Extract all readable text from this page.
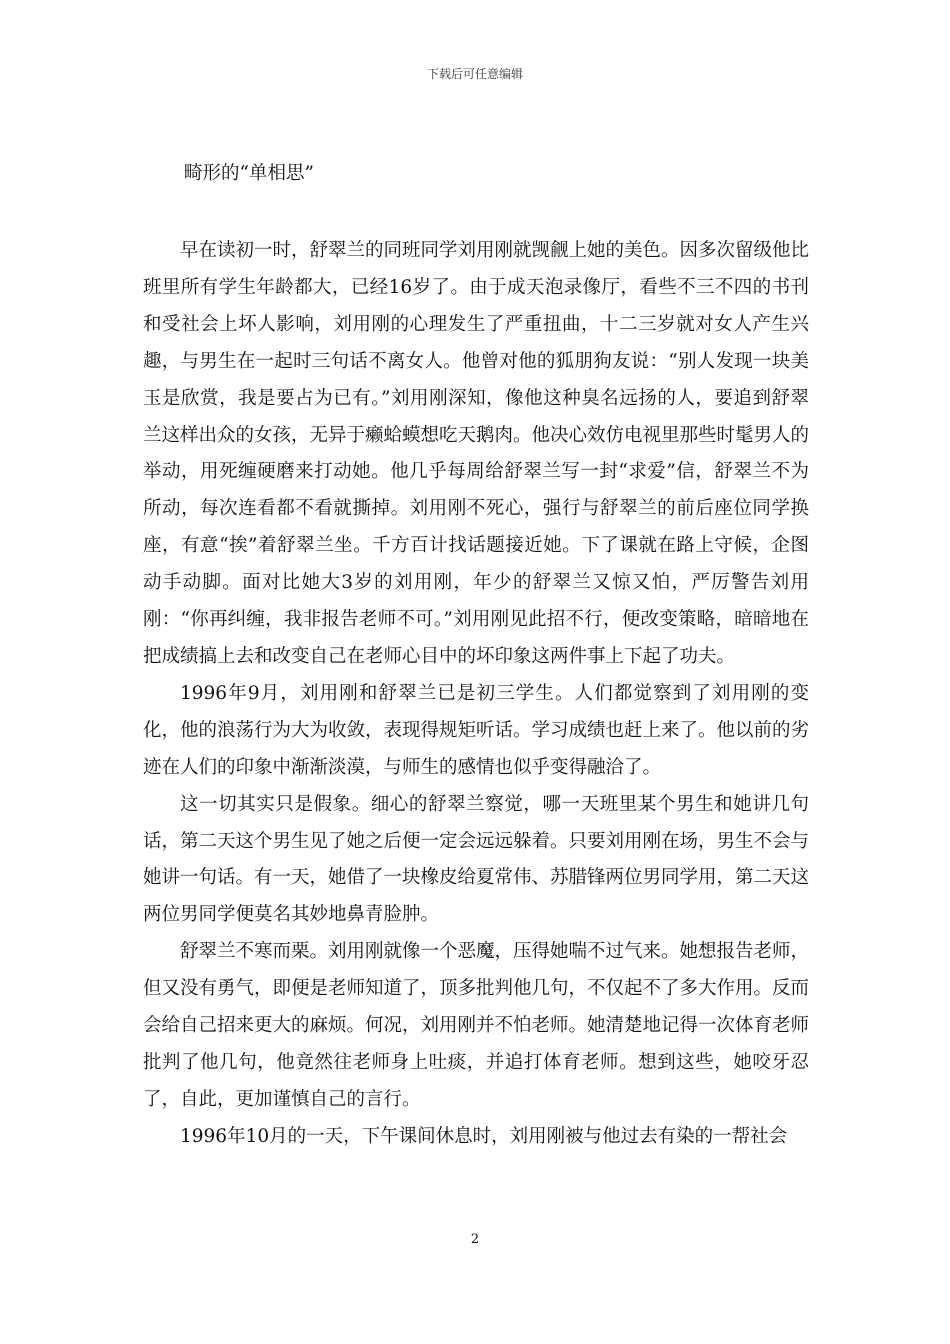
下载后可任意编辑
畸形的“单相思”

早在读初一时，舒翠兰的同班同学刘用刚就觊觎上她的美色。因多次留级他比班里所有学生年龄都大，已经16岁了。由于成天泡录像厅，看些不三不四的书刊和受社会上坏人影响，刘用刚的心理发生了严重扭曲，十二三岁就对女人产生兴趣，与男生在一起时三句话不离女人。他曾对他的狐朋狗友说：“别人发现一块美玉是欣赏，我是要占为已有。”刘用刚深知，像他这种臭名远扬的人，要追到舒翠兰这样出众的女孩，无异于癞蛤蟆想吃天鹅肉。他决心效仿电视里那些时髦男人的举动，用死缠硬磨来打动她。他几乎每周给舒翠兰写一封“求爱”信，舒翠兰不为所动，每次连看都不看就撕掉。刘用刚不死心，强行与舒翠兰的前后座位同学换座，有意“挨”着舒翠兰坐。千方百计找话题接近她。下了课就在路上守候，企图动手动脚。面对比她大3岁的刘用刚，年少的舒翠兰又惊又怕，严厉警告刘用刚：“你再纠缠，我非报告老师不可。”刘用刚见此招不行，便改变策略，暗暗地在把成绩搞上去和改变自己在老师心目中的坏印象这两件事上下起了功夫。

1996年9月，刘用刚和舒翠兰已是初三学生。人们都觉察到了刘用刚的变化，他的浪荡行为大为收敛，表现得规矩听话。学习成绩也赶上来了。他以前的劣迹在人们的印象中渐渐淡漠，与师生的感情也似乎变得融洽了。

这一切其实只是假象。细心的舒翠兰察觉，哪一天班里某个男生和她讲几句话，第二天这个男生见了她之后便一定会远远躲着。只要刘用刚在场，男生不会与她讲一句话。有一天，她借了一块橡皮给夏常伟、苏腊锋两位男同学用，第二天这两位男同学便莫名其妙地鼻青脸肿。

舒翠兰不寒而栗。刘用刚就像一个恶魔，压得她喘不过气来。她想报告老师，但又没有勇气，即便是老师知道了，顶多批判他几句，不仅起不了多大作用。反而会给自己招来更大的麻烦。何况，刘用刚并不怕老师。她清楚地记得一次体育老师批判了他几句，他竟然往老师身上吐痰，并追打体育老师。想到这些，她咬牙忍了，自此，更加谨慎自己的言行。

1996年10月的一天，下午课间休息时，刘用刚被与他过去有染的一帮社会

2
